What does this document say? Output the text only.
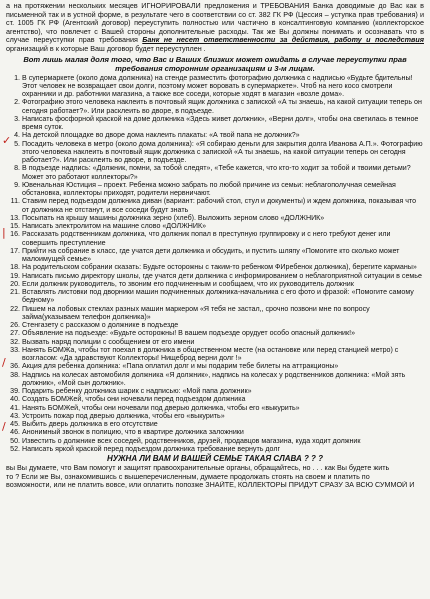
а на протяжении нескольких месяцев ИГНОРИРОВАЛИ предложения и ТРЕБОВАНИЯ Банка доводимые до Вас как в письменной так и в устной форме, в результате чего в соответствии со ст. 382 ГК РФ (Цессия – уступка прав требования) и ст. 1005 ГК РФ (Агентский договор) переуступить полностью или частично в консалтинговую компанию (коллекторское агентство), что повлечет с Вашей стороны дополнительные расходы. Так же Вы должны понимать и осознавать что в случае переуступки прав требования Банк не несет ответственности за действия, работу и последствия организаций в к которые Ваш договор будет переуступлен .

Вот лишь малая доля того, что Вас и Ваших близких может ожидать в случае переуступки прав требования сторонним организациям и 3-м лицам.
1. В супермаркете (около дома должника) на стенде разместить фотографию должника с надписью «Будьте бдительны! Этот человек не возвращает свои долги, поэтому может воровать в супермаркете». Чтоб на него косо смотрели охранники и др. работники магазина, а также все соседи, которые ходят в магазин «возле дома».
2. Фотографию этого человека наклеить в почтовый ящик должника с запиской «А ты знаешь, на какой ситуации теперь он сегодня работает?». Или расклеить во дворе, в подъезде.
3. Написать фосфорной краской на доме должника «Здесь живет должник», «Верни долг», чтобы она светилась в темное время суток.
4. На детской площадке во дворе дома наклеить плакаты: «А твой папа не должник?»
5. Посадить человека в метро (около дома должника): «Я собираю деньги для закрытия долга Иванова А.П.». Фотографию этого человека наклеить в почтовый ящик должника с запиской «А ты знаешь, на какой ситуации теперь он сегодня работает?». Или расклеить во дворе, в подъезде.
8. В подъезде надпись: «Должник, помни, за тобой следят», «Тебе кажется, что кто-то ходит за тобой и твоими детьми? Может это работают коллекторы?»
9. Ювенальная Юстиция – проект. Ребенка можно забрать по любой причине из семьи: неблагополучная семейная обстановка, коллекторы приходят, родители нервничают.
11. Ставим перед подъездом должника диван (вариант: рабочий стол, стул и документы) и ждем должника, показывая что от должника не отстанут, и все соседи будут знать
13. Посыпать на крышу машины должника зерно (хлеб). Выложить зерном слово «ДОЛЖНИК»
15. Написать электролитом на машине слово «ДОЛЖНИК»
16. Рассказать родственникам должника, что должник попал в преступную группировку и с него требуют денег или совершить преступление
17. Прийти на собрание в класс, где учатся дети должника и обсудить, и пустить шляпу «Помогите кто сколько может малоимущей семье»
18. На родительском собрании сказать: Будьте осторожны с таким-то ребенком ФИребенок должника), берегите карманы»
19. Написать письмо директору школы, где учатся дети должника с информированием о неблагоприятной ситуации в семье
20. Если должник руководитель, то звоним его подчиненным и сообщаем, что их руководитель должник
21. Вставлять листовки под дворники машин подчиненных должника-начальника с его фото и фразой: «Помогите самому бедному»
22. Пишем на лобовых стеклах разных машин маркером «Я тебя не застал,, срочно позвони мне по вопросу займа(указываем телефон должника)»
26. Стенгазету с рассказом о должнике в подъезде
27. Объявление на подъезде: «Будьте осторожны! В вашем подъезде орудует особо опасный должник!»
32. Вызвать наряд полиции с сообщением от его имени
33. Нанять БОМЖа, чтобы тот поехал в должника в общественном месте (на остановке или перед станцией метро) с возгласом: «Да здравствуют Коллекторы! Нищеброд верни долг !»
36. Акция для ребенка должника: «Папа оплатил долг и мы подарим тебе билеты на аттракционы»
38. Надпись на колесах автомобиля должника «Я должник», надпись на колесах у родственников должника: «Мой зять должник», «Мой сын должник».
39. Подарить ребенку должника шарик с надписью: «Мой папа должник»
40. Создать БОМЖей, чтобы они ночевали перед подъездом должника
41. Нанять БОМЖей, чтобы они ночевали под дверью должника, чтобы его «выкурить»
43. Устроить пожар под дверью должника, чтобы его «выкурить»
45. Выбить дверь должника в его отсутствие
46. Анонимный звонок в полицию, что в квартире должника заложники
50. Известить о должнике всех соседей, родственников, друзей, продавцов магазина, куда ходит должник
52. Написать яркой краской перед подъездом должника требование вернуть долг
НУЖНА ЛИ ВАМ И ВАШЕЙ СЕМЬЕ ТАКАЯ СЛАВА ? ? ?

вы Вы думаете, что Вам помогут и защитят правоохранительные органы, обращайтесь, но . . . как Вы будете жить

то ? Если же Вы, ознакомившись с вышеперечисленным, думаете продолжать стоять на своем и платить по

возможности, или не платить вовсе, или оплатить попозже ЗНАЙТЕ, КОЛЛЕКТОРЫ ПРИДУТ СРАЗУ ЗА ВСЮ СУММОЙ И

✓
|
/
/
